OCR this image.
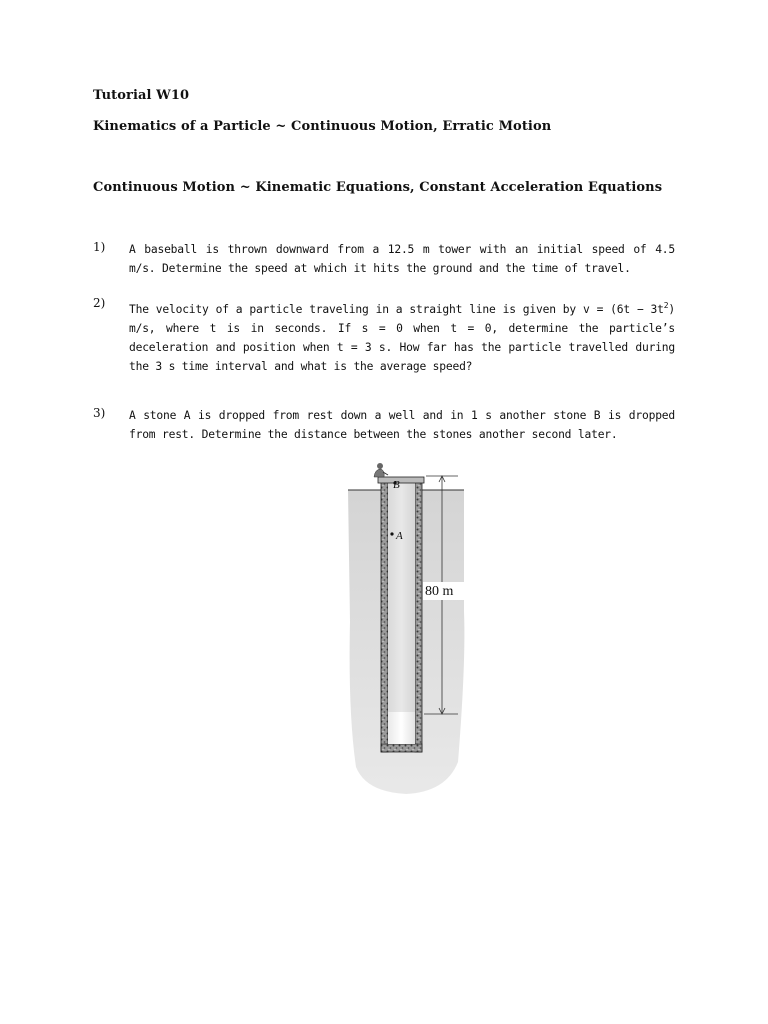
Tutorial W10
Kinematics of a Particle ~ Continuous Motion, Erratic Motion
Continuous Motion ~ Kinematic Equations, Constant Acceleration Equations
1) A baseball is thrown downward from a 12.5 m tower with an initial speed of 4.5 m/s. Determine the speed at which it hits the ground and the time of travel.
2) The velocity of a particle traveling in a straight line is given by $v = (6t - 3t^2)$ m/s, where t is in seconds. If s = 0 when t = 0, determine the particle’s deceleration and position when t = 3 s. How far has the particle travelled during the 3 s time interval and what is the average speed?
3) A stone A is dropped from rest down a well and in 1 s another stone B is dropped from rest. Determine the distance between the stones another second later.
B
A
80 m
